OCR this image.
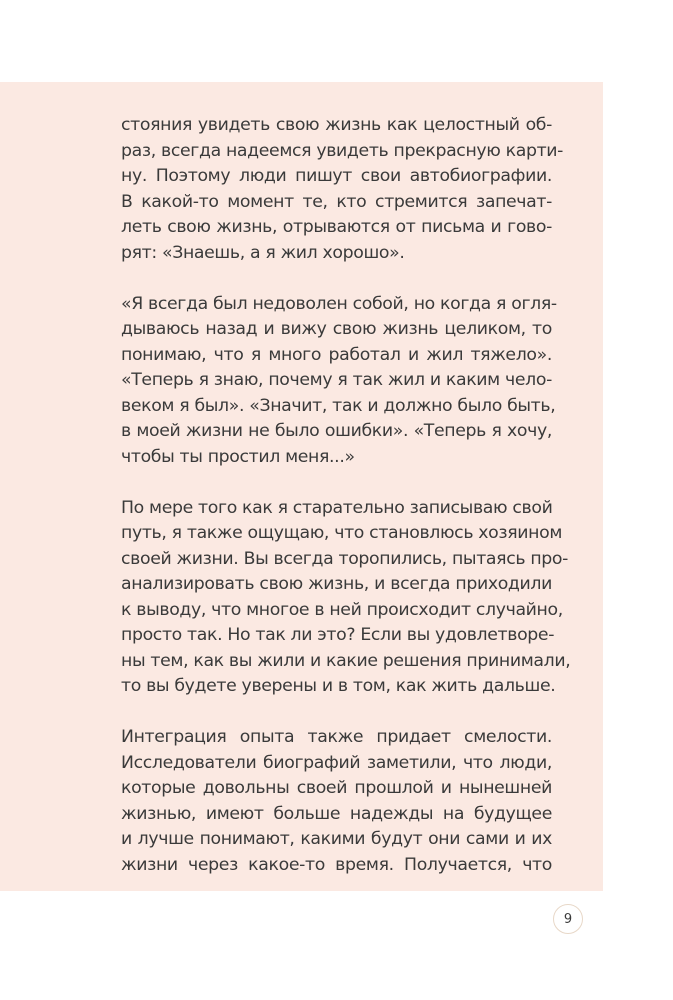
стояния увидеть свою жизнь как целостный об-
раз, всегда надеемся увидеть прекрасную карти-
ну. Поэтому люди пишут свои автобиографии.
В какой-то момент те, кто стремится запечат-
леть свою жизнь, отрываются от письма и гово-
рят: «Знаешь, а я жил хорошо».

«Я всегда был недоволен собой, но когда я огля-
дываюсь назад и вижу свою жизнь целиком, то
понимаю, что я много работал и жил тяжело».
«Теперь я знаю, почему я так жил и каким чело-
веком я был». «Значит, так и должно было быть,
в моей жизни не было ошибки». «Теперь я хочу,
чтобы ты простил меня...»

По мере того как я старательно записываю свой
путь, я также ощущаю, что становлюсь хозяином
своей жизни. Вы всегда торопились, пытаясь про-
анализировать свою жизнь, и всегда приходили
к выводу, что многое в ней происходит случайно,
просто так. Но так ли это? Если вы удовлетворе-
ны тем, как вы жили и какие решения принимали,
то вы будете уверены и в том, как жить дальше.

Интеграция опыта также придает смелости.
Исследователи биографий заметили, что люди,
которые довольны своей прошлой и нынешней
жизнью, имеют больше надежды на будущее
и лучше понимают, какими будут они сами и их
жизни через какое-то время. Получается, что

9
